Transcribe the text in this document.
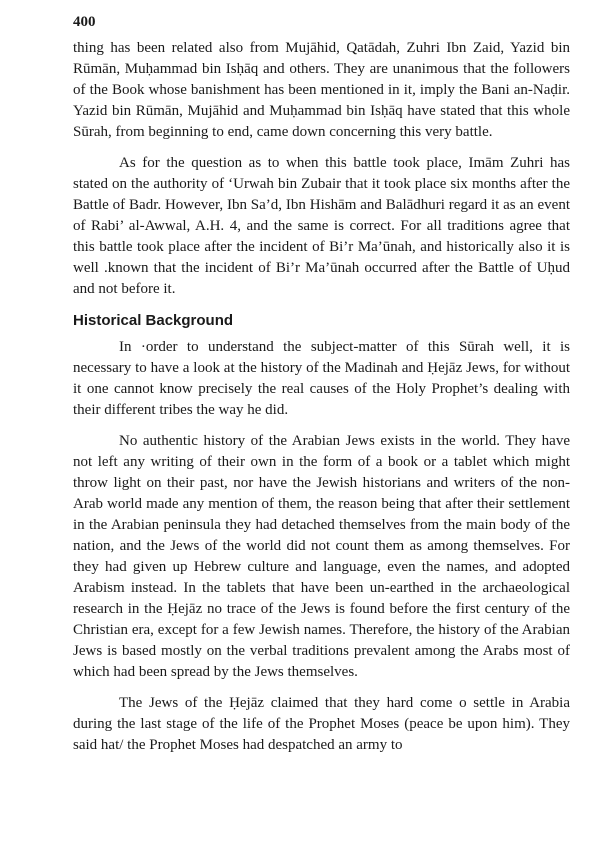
400

thing has been related also from Mujāhid, Qatādah, Zuhri Ibn Zaid, Yazid bin Rūmān, Muḥammad bin Isḥāq and others. They are unanimous that the followers of the Book whose banishment has been mentioned in it, imply the Bani an-Naḍir. Yazid bin Rūmān, Mujāhid and Muḥammad bin Isḥāq have stated that this whole Sūrah, from beginning to end, came down concerning this very battle.

As for the question as to when this battle took place, Imām Zuhri has stated on the authority of ‘Urwah bin Zubair that it took place six months after the Battle of Badr. However, Ibn Sa’d, Ibn Hishām and Balādhuri regard it as an event of Rabi’ al-Awwal, A.H. 4, and the same is correct. For all traditions agree that this battle took place after the incident of Bi’r Ma’ūnah, and historically also it is well .known that the incident of Bi’r Ma’ūnah occurred after the Battle of Uḥud and not before it.

Historical Background

In ·order to understand the subject-matter of this Sūrah well, it is necessary to have a look at the history of the Madinah and Ḥejāz Jews, for without it one cannot know precisely the real causes of the Holy Prophet’s dealing with their different tribes the way he did.

No authentic history of the Arabian Jews exists in the world. They have not left any writing of their own in the form of a book or a tablet which might throw light on their past, nor have the Jewish historians and writers of the non-Arab world made any mention of them, the reason being that after their settlement in the Arabian peninsula they had detached themselves from the main body of the nation, and the Jews of the world did not count them as among themselves. For they had given up Hebrew culture and language, even the names, and adopted Arabism instead. In the tablets that have been un-earthed in the archaeological research in the Ḥejāz no trace of the Jews is found before the first century of the Christian era, except for a few Jewish names. Therefore, the history of the Arabian Jews is based mostly on the verbal traditions prevalent among the Arabs most of which had been spread by the Jews themselves.

The Jews of the Ḥejāz claimed that they hard come o settle in Arabia during the last stage of the life of the Prophet Moses (peace be upon him). They said hat/ the Prophet Moses had despatched an army to
